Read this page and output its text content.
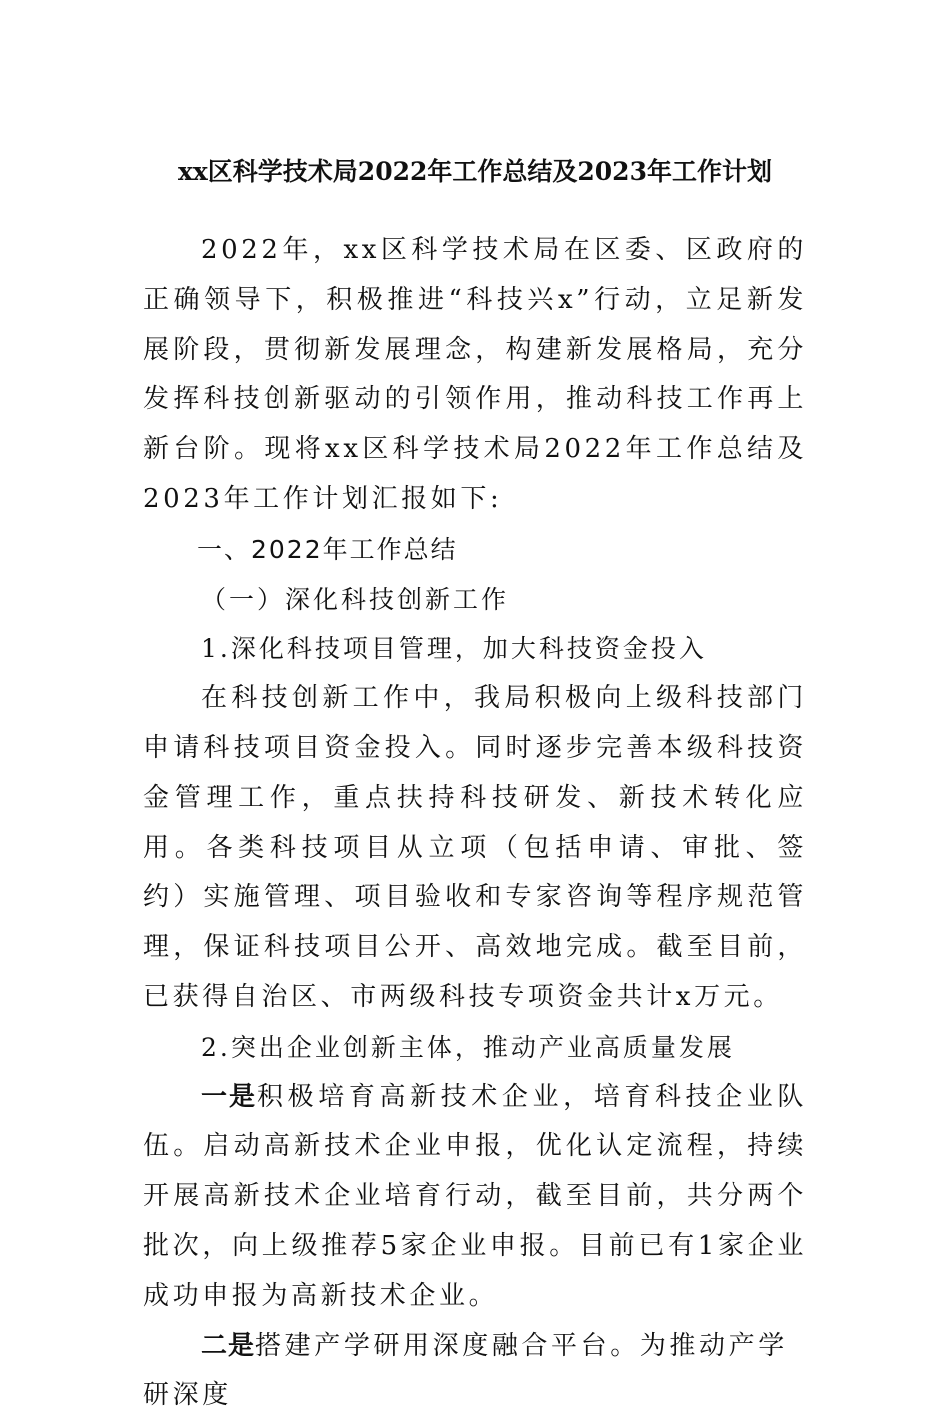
xx区科学技术局2022年工作总结及2023年工作计划

2022年，xx区科学技术局在区委、区政府的正确领导下，积极推进“科技兴x”行动，立足新发展阶段，贯彻新发展理念，构建新发展格局，充分发挥科技创新驱动的引领作用，推动科技工作再上新台阶。现将xx区科学技术局2022年工作总结及2023年工作计划汇报如下:

一、2022年工作总结

（一）深化科技创新工作

1.深化科技项目管理，加大科技资金投入

在科技创新工作中，我局积极向上级科技部门申请科技项目资金投入。同时逐步完善本级科技资金管理工作，重点扶持科技研发、新技术转化应用。各类科技项目从立项（包括申请、审批、签约）实施管理、项目验收和专家咨询等程序规范管理，保证科技项目公开、高效地完成。截至目前，已获得自治区、市两级科技专项资金共计x万元。

2.突出企业创新主体，推动产业高质量发展

一是积极培育高新技术企业，培育科技企业队伍。启动高新技术企业申报，优化认定流程，持续开展高新技术企业培育行动，截至目前，共分两个批次，向上级推荐5家企业申报。目前已有1家企业成功申报为高新技术企业。

二是搭建产学研用深度融合平台。为推动产学研深度
